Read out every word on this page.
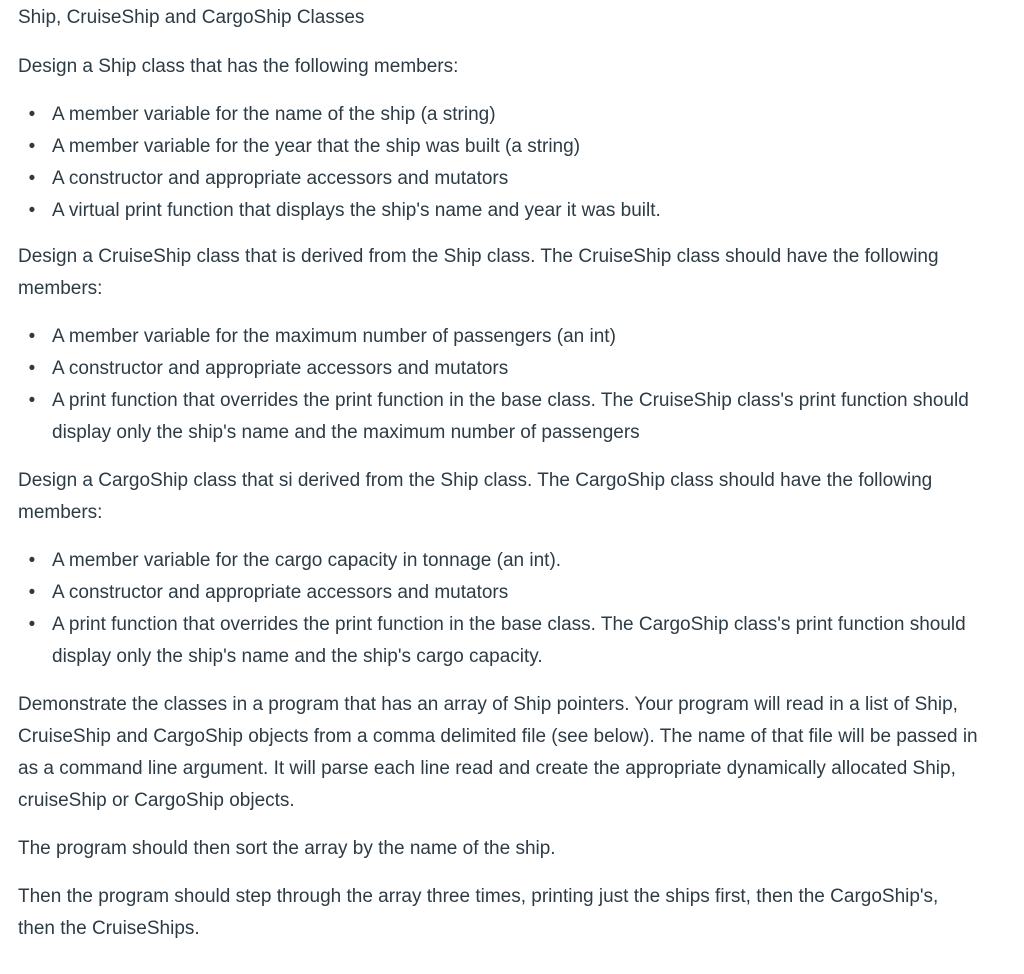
Ship, CruiseShip and CargoShip Classes

Design a Ship class that has the following members:

• A member variable for the name of the ship (a string)
• A member variable for the year that the ship was built (a string)
• A constructor and appropriate accessors and mutators
• A virtual print function that displays the ship's name and year it was built.

Design a CruiseShip class that is derived from the Ship class. The CruiseShip class should have the following members:

• A member variable for the maximum number of passengers (an int)
• A constructor and appropriate accessors and mutators
• A print function that overrides the print function in the base class. The CruiseShip class's print function should display only the ship's name and the maximum number of passengers

Design a CargoShip class that si derived from the Ship class. The CargoShip class should have the following members:

• A member variable for the cargo capacity in tonnage (an int).
• A constructor and appropriate accessors and mutators
• A print function that overrides the print function in the base class. The CargoShip class's print function should display only the ship's name and the ship's cargo capacity.

Demonstrate the classes in a program that has an array of Ship pointers. Your program will read in a list of Ship, CruiseShip and CargoShip objects from a comma delimited file (see below). The name of that file will be passed in as a command line argument. It will parse each line read and create the appropriate dynamically allocated Ship, cruiseShip or CargoShip objects.

The program should then sort the array by the name of the ship.

Then the program should step through the array three times, printing just the ships first, then the CargoShip's, then the CruiseShips.
